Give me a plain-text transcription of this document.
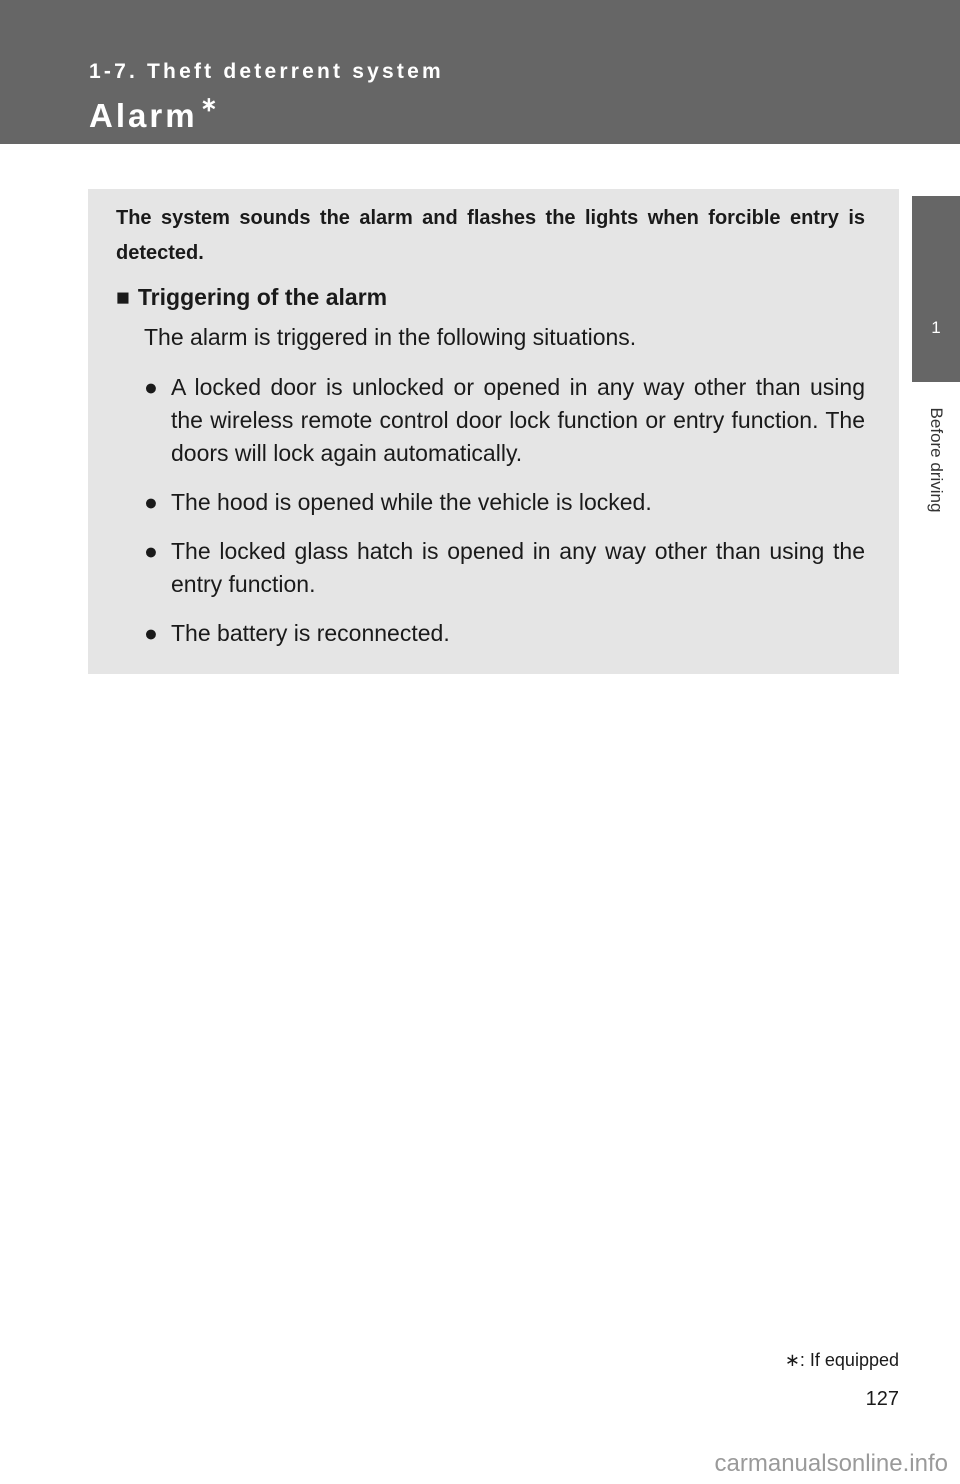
1-7. Theft deterrent system
Alarm ∗
1
Before driving

The system sounds the alarm and flashes the lights when forcible entry is detected.

■ Triggering of the alarm
The alarm is triggered in the following situations.
● A locked door is unlocked or opened in any way other than using the wireless remote control door lock function or entry function. The doors will lock again automatically.

● The hood is opened while the vehicle is locked.

● The locked glass hatch is opened in any way other than using the entry function.

● The battery is reconnected.

∗: If equipped
127
carmanualsonline.info
